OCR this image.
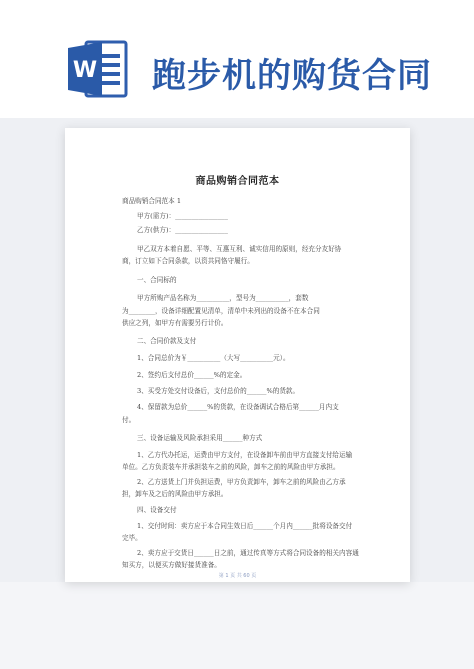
W 跑步机的购货合同
商品购销合同范本
商品购销合同范本 1
甲方(需方)：________________
乙方(供方)：________________
甲乙双方本着自愿、平等、互惠互利、诚实信用的原则，经充分友好协
商，订立如下合同条款，以资共同恪守履行。
一、合同标的
甲方所购产品名称为__________，型号为__________，套数
为________，设备详细配置见清单，清单中未列出的设备不在本合同
供应之列，如甲方有需要另行计价。
二、合同价款及支付
1、合同总价为￥__________（大写__________元）。
2、签约后支付总价______%的定金。
3、买受方处交付设备后，支付总价的______%的货款。
4、保留款为总价______%的货款，在设备调试合格后第______月内支
付。
三、设备运输及风险承担采用______种方式
1、乙方代办托运，运费由甲方支付，在设备卸车前由甲方直接支付给运输
单位。乙方负责装车并承担装车之前的风险，卸车之前的风险由甲方承担。
2、乙方送货上门并负担运费，甲方负责卸车，卸车之前的风险由乙方承
担，卸车及之后的风险由甲方承担。
四、设备交付
1、交付时间：卖方应于本合同生效日后______个月内______批将设备交付
完毕。
2、卖方应于交货日______日之前，通过传真等方式将合同设备的相关内容通
知买方，以便买方做好接货准备。
第 1 页 共 60 页
